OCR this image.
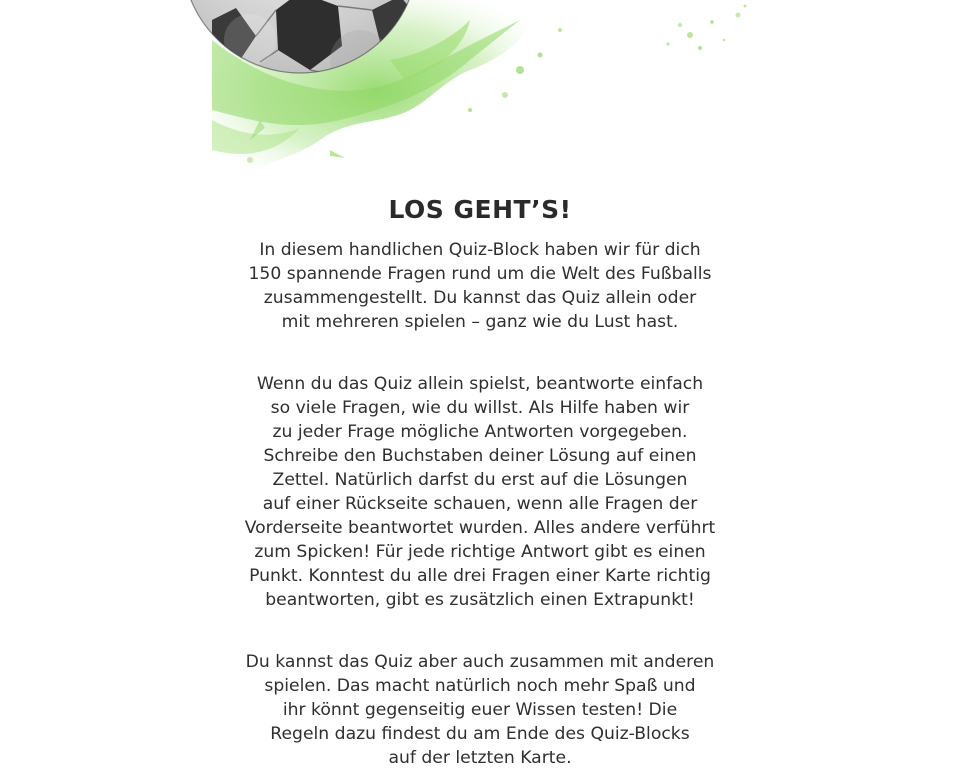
LOS GEHT’S!

In diesem handlichen Quiz-Block haben wir für dich
150 spannende Fragen rund um die Welt des Fußballs
zusammengestellt. Du kannst das Quiz allein oder
mit mehreren spielen – ganz wie du Lust hast.

Wenn du das Quiz allein spielst, beantworte einfach
so viele Fragen, wie du willst. Als Hilfe haben wir
zu jeder Frage mögliche Antworten vorgegeben.
Schreibe den Buchstaben deiner Lösung auf einen
Zettel. Natürlich darfst du erst auf die Lösungen
auf einer Rückseite schauen, wenn alle Fragen der
Vorderseite beantwortet wurden. Alles andere verführt
zum Spicken! Für jede richtige Antwort gibt es einen
Punkt. Konntest du alle drei Fragen einer Karte richtig
beantworten, gibt es zusätzlich einen Extrapunkt!

Du kannst das Quiz aber auch zusammen mit anderen
spielen. Das macht natürlich noch mehr Spaß und
ihr könnt gegenseitig euer Wissen testen! Die
Regeln dazu findest du am Ende des Quiz-Blocks
auf der letzten Karte.
